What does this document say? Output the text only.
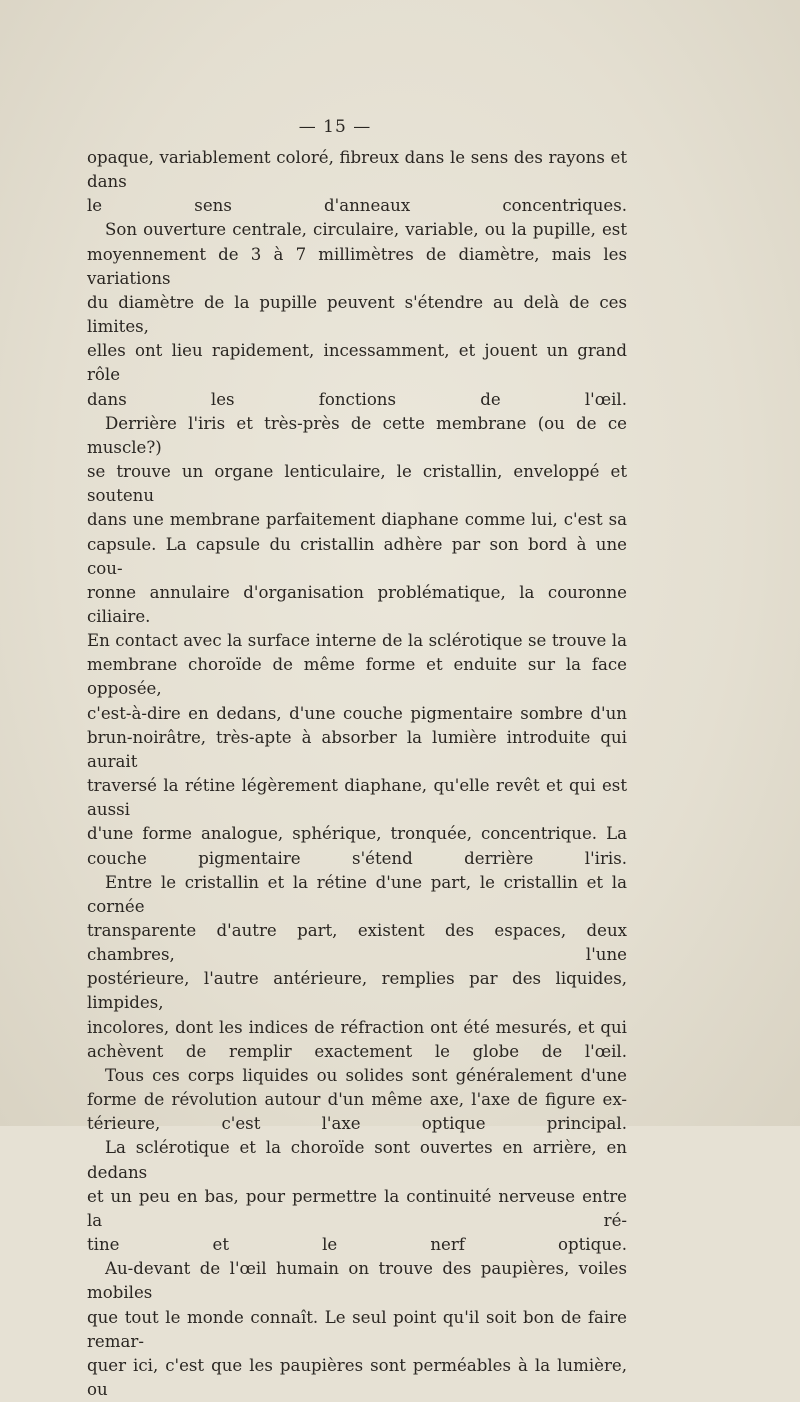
— 15 —

opaque, variablement coloré, fibreux dans le sens des rayons et dans
le sens d'anneaux concentriques.

Son ouverture centrale, circulaire, variable, ou la pupille, est
moyennement de 3 à 7 millimètres de diamètre, mais les variations
du diamètre de la pupille peuvent s'étendre au delà de ces limites,
elles ont lieu rapidement, incessamment, et jouent un grand rôle
dans les fonctions de l'œil.

Derrière l'iris et très-près de cette membrane (ou de ce muscle?)
se trouve un organe lenticulaire, le cristallin, enveloppé et soutenu
dans une membrane parfaitement diaphane comme lui, c'est sa
capsule. La capsule du cristallin adhère par son bord à une cou-
ronne annulaire d'organisation problématique, la couronne ciliaire.
En contact avec la surface interne de la sclérotique se trouve la
membrane choroïde de même forme et enduite sur la face opposée,
c'est-à-dire en dedans, d'une couche pigmentaire sombre d'un
brun-noirâtre, très-apte à absorber la lumière introduite qui aurait
traversé la rétine légèrement diaphane, qu'elle revêt et qui est aussi
d'une forme analogue, sphérique, tronquée, concentrique. La
couche pigmentaire s'étend derrière l'iris.

Entre le cristallin et la rétine d'une part, le cristallin et la cornée
transparente d'autre part, existent des espaces, deux chambres, l'une
postérieure, l'autre antérieure, remplies par des liquides, limpides,
incolores, dont les indices de réfraction ont été mesurés, et qui
achèvent de remplir exactement le globe de l'œil.

Tous ces corps liquides ou solides sont généralement d'une
forme de révolution autour d'un même axe, l'axe de figure ex-
térieure, c'est l'axe optique principal.

La sclérotique et la choroïde sont ouvertes en arrière, en dedans
et un peu en bas, pour permettre la continuité nerveuse entre la ré-
tine et le nerf optique.

Au-devant de l'œil humain on trouve des paupières, voiles mobiles
que tout le monde connaît. Le seul point qu'il soit bon de faire remar-
quer ici, c'est que les paupières sont perméables à la lumière, ou
